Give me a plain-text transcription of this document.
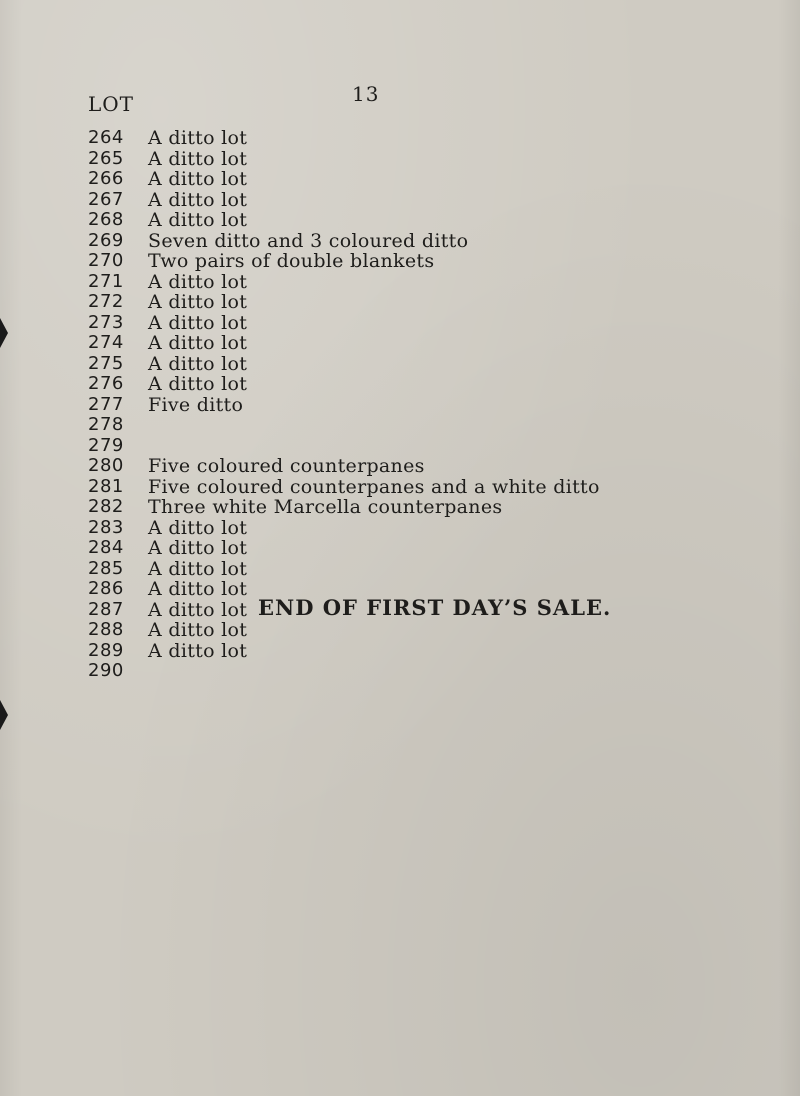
13
LOT
264	A ditto lot
265	A ditto lot
266	A ditto lot
267	A ditto lot
268	A ditto lot
269	Seven ditto and 3 coloured ditto
270	Two pairs of double blankets
271	A ditto lot
272	A ditto lot
273	A ditto lot
274	A ditto lot
275	A ditto lot
276	A ditto lot
277	Five ditto
278
279
280	Five coloured counterpanes
281	Five coloured counterpanes and a white ditto
282	Three white Marcella counterpanes
283	A ditto lot
284	A ditto lot
285	A ditto lot
286	A ditto lot
287	A ditto lot
288	A ditto lot
289	A ditto lot
290
END OF FIRST DAY’S SALE.
